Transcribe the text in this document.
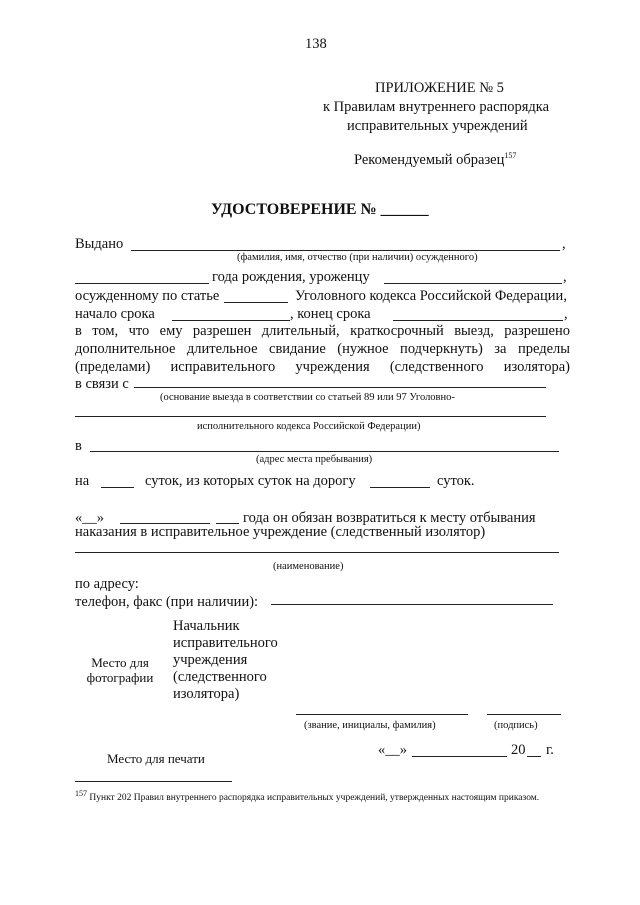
138
ПРИЛОЖЕНИЕ № 5
к Правилам внутреннего распорядка
исправительных учреждений
Рекомендуемый образец$^{157}$
УДОСТОВЕРЕНИЕ № ______
Выдано	,
(фамилия, имя, отчество (при наличии) осужденного)
года рождения, уроженцу	,
осужденному по статье	Уголовного кодекса Российской Федерации,
начало срока	, конец срока	,
в том, что ему разрешен длительный, краткосрочный выезд, разрешено
дополнительное длительное свидание (нужное подчеркнуть) за пределы
(пределами) исправительного учреждения (следственного изолятора)
в связи с
(основание выезда в соответствии со статьей 89 или 97 Уголовно-
исполнительного кодекса Российской Федерации)
в
(адрес места пребывания)
на	суток, из которых суток на дорогу	суток.
«__»	года он обязан возвратиться к месту отбывания
наказания в исправительное учреждение (следственный изолятор)
(наименование)
по адресу:
телефон, факс (при наличии):
Начальник
исправительного
учреждения
(следственного
изолятора)
Место для
фотографии
(звание, инициалы, фамилия)	(подпись)
Место для печати
«__»	20 г.
$^{157}$ Пункт 202 Правил внутреннего распорядка исправительных учреждений, утвержденных настоящим приказом.
